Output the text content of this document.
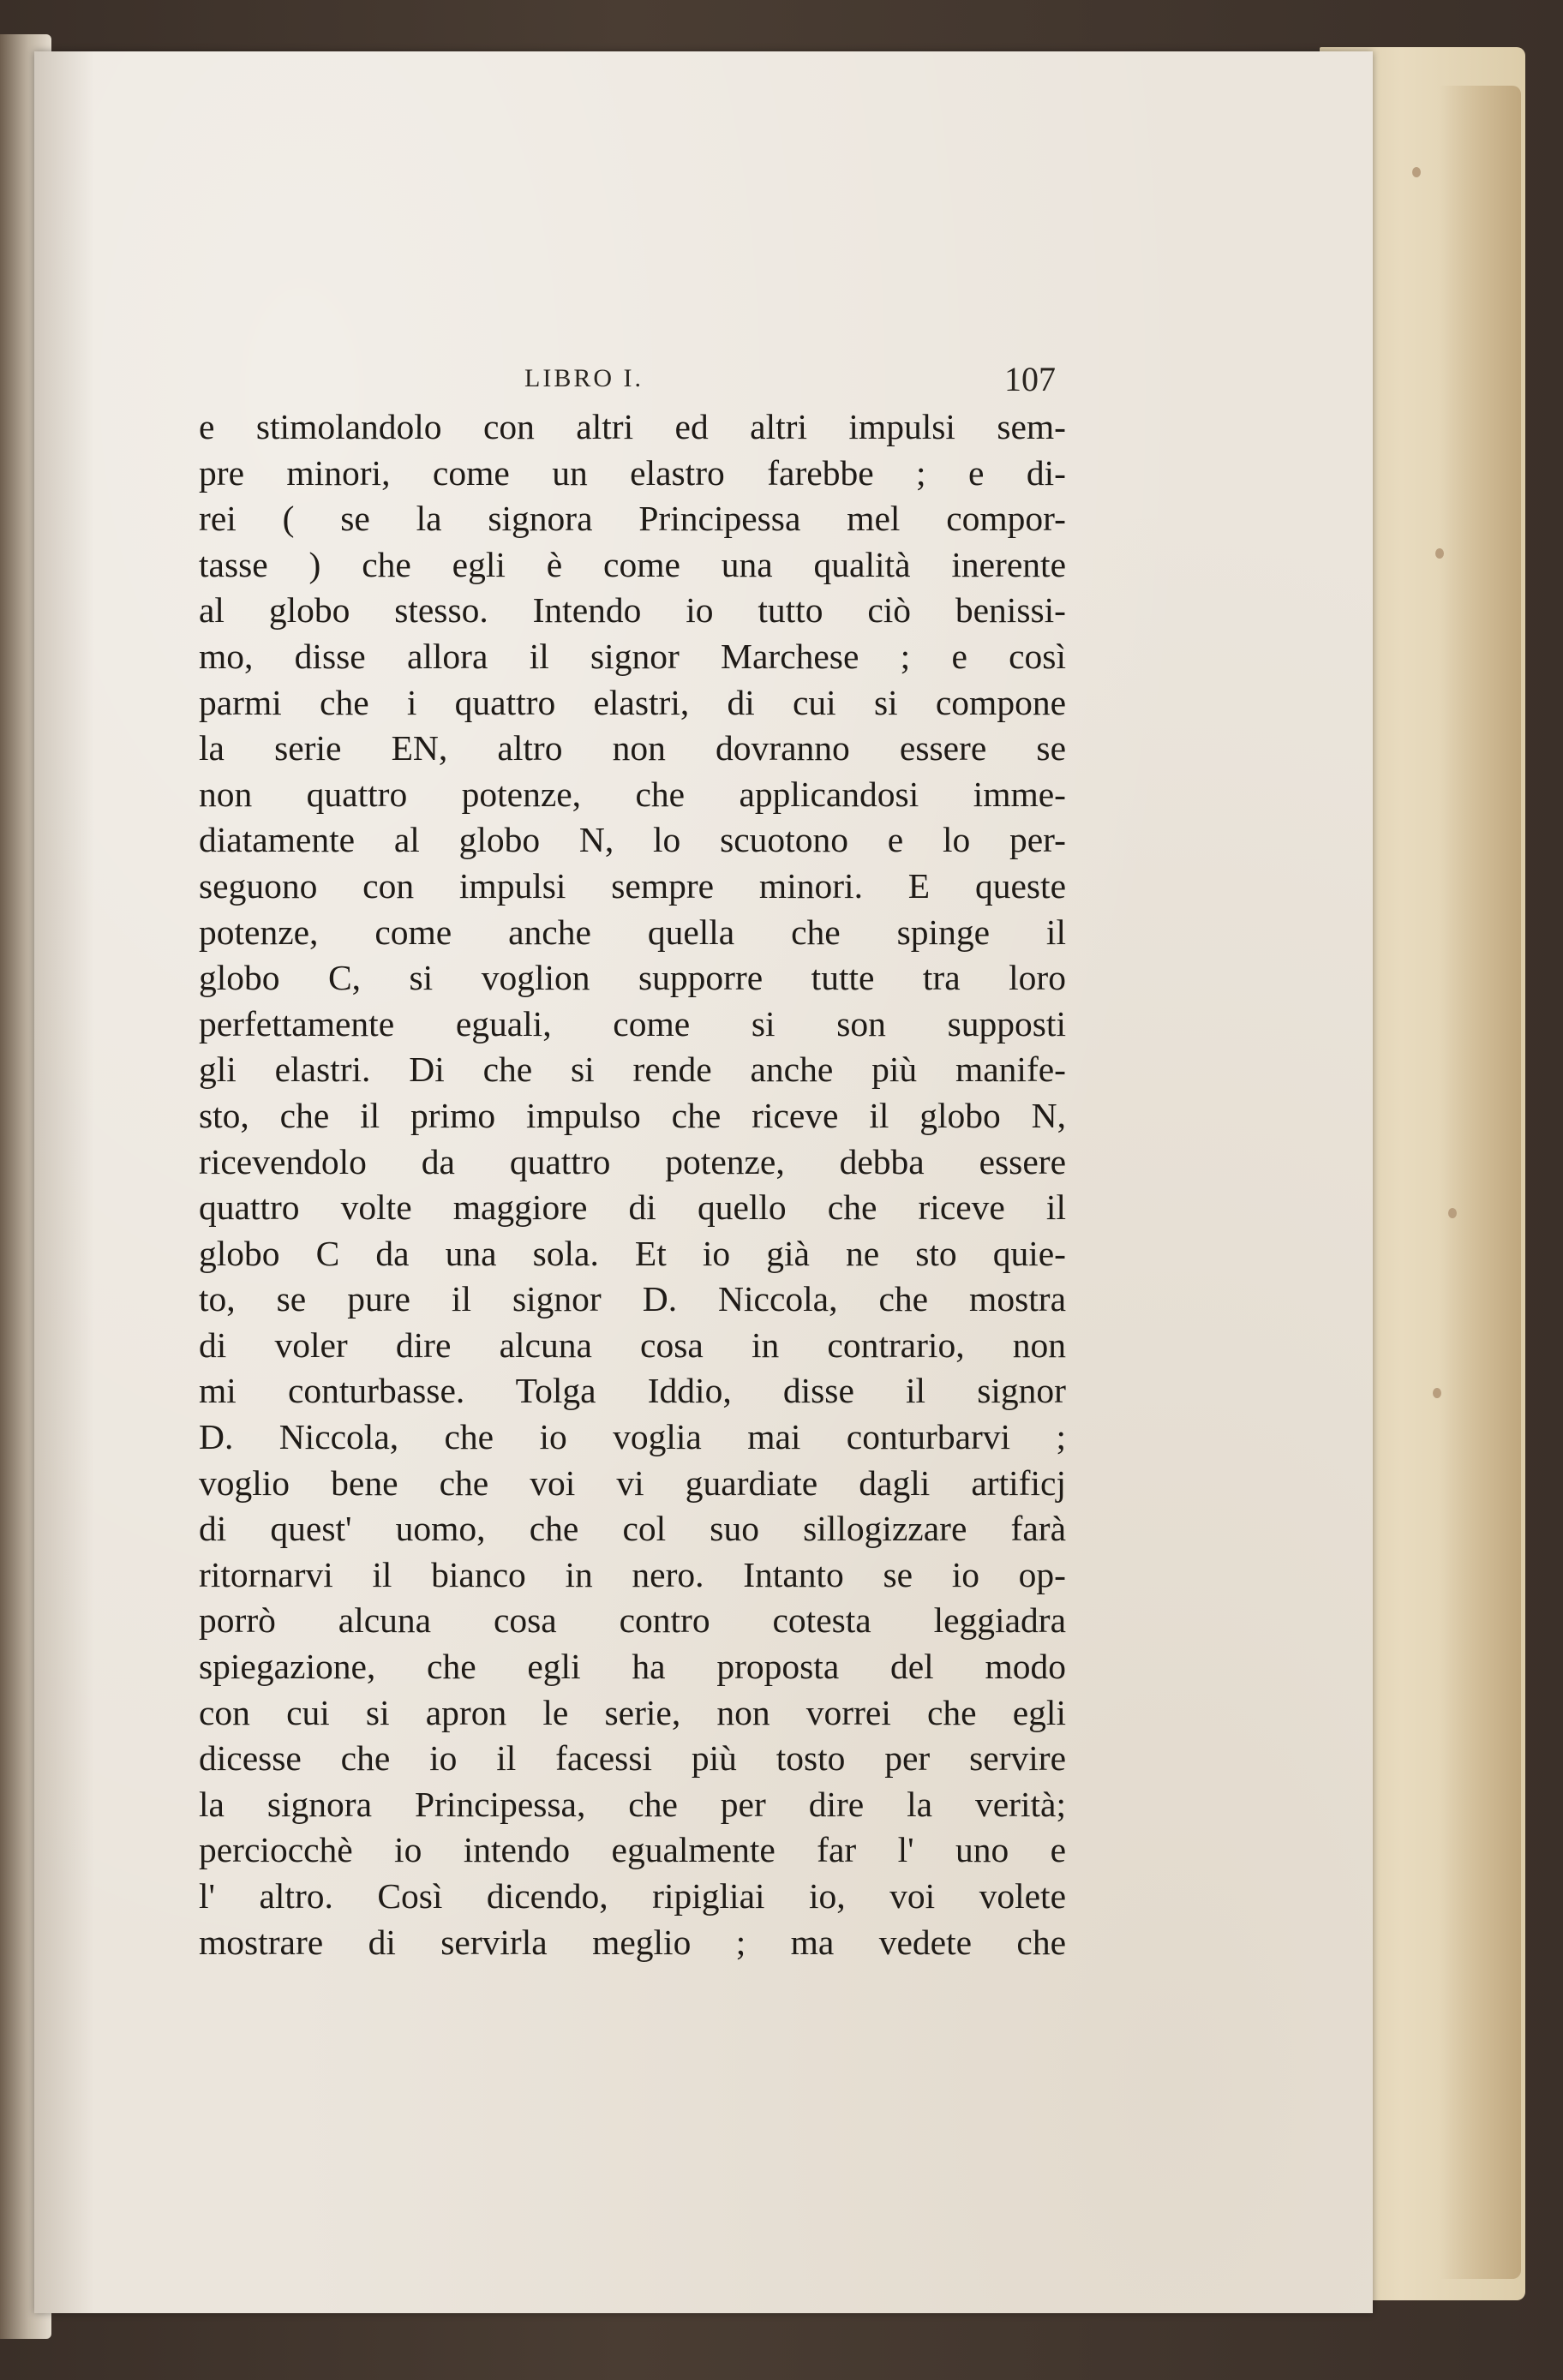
LIBRO I.	107
e stimolandolo con altri ed altri impulsi sem-
pre minori, come un elastro farebbe ; e di-
rei ( se la signora Principessa mel compor-
tasse ) che egli è come una qualità inerente
al globo stesso. Intendo io tutto ciò benissi-
mo, disse allora il signor Marchese ; e così
parmi che i quattro elastri, di cui si compone
la serie EN, altro non dovranno essere se
non quattro potenze, che applicandosi imme-
diatamente al globo N, lo scuotono e lo per-
seguono con impulsi sempre minori. E queste
potenze, come anche quella che spinge il
globo C, si voglion supporre tutte tra loro
perfettamente eguali, come si son supposti
gli elastri. Di che si rende anche più manife-
sto, che il primo impulso che riceve il globo N,
ricevendolo da quattro potenze, debba essere
quattro volte maggiore di quello che riceve il
globo C da una sola. Et io già ne sto quie-
to, se pure il signor D. Niccola, che mostra
di voler dire alcuna cosa in contrario, non
mi conturbasse. Tolga Iddio, disse il signor
D. Niccola, che io voglia mai conturbarvi ;
voglio bene che voi vi guardiate dagli artificj
di quest' uomo, che col suo sillogizzare farà
ritornarvi il bianco in nero. Intanto se io op-
porrò alcuna cosa contro cotesta leggiadra
spiegazione, che egli ha proposta del modo
con cui si apron le serie, non vorrei che egli
dicesse che io il facessi più tosto per servire
la signora Principessa, che per dire la verità;
perciocchè io intendo egualmente far l' uno e
l' altro. Così dicendo, ripigliai io, voi volete
mostrare di servirla meglio ; ma vedete che
